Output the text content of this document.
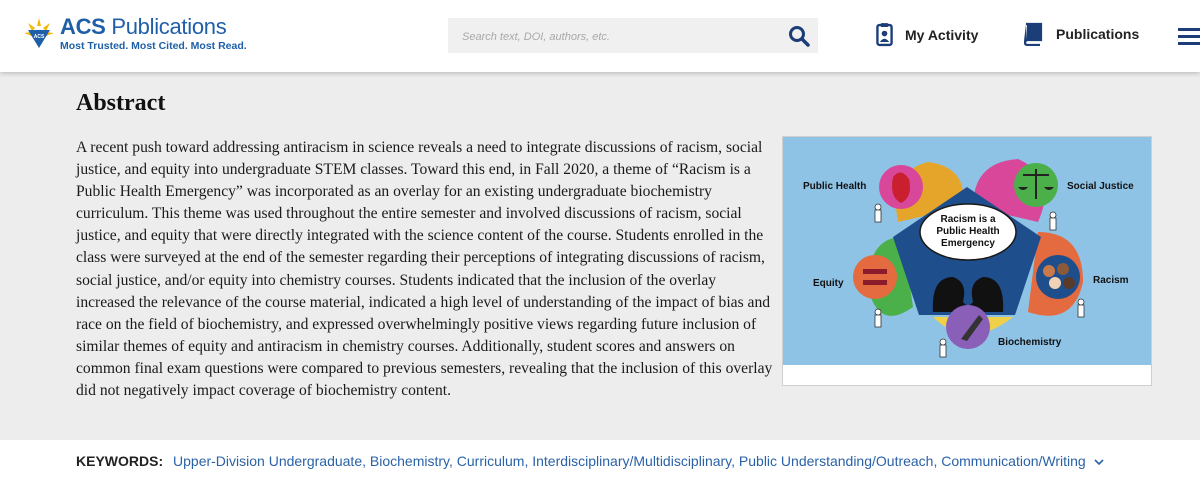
ACS ACS Publications
Most Trusted. Most Cited. Most Read.
Search text, DOI, authors, etc.
My Activity	Publications
Abstract
A recent push toward addressing antiracism in science reveals a need to integrate discussions of racism, social justice, and equity into undergraduate STEM classes. Toward this end, in Fall 2020, a theme of “Racism is a Public Health Emergency” was incorporated as an overlay for an existing undergraduate biochemistry curriculum. This theme was used throughout the entire semester and involved discussions of racism, social justice, and equity that were directly integrated with the science content of the course. Students enrolled in the class were surveyed at the end of the semester regarding their perceptions of integrating discussions of racism, social justice, and/or equity into chemistry courses. Students indicated that the inclusion of the overlay increased the relevance of the course material, indicated a high level of understanding of the impact of bias and race on the field of biochemistry, and expressed overwhelmingly positive views regarding future inclusion of similar themes of equity and antiracism in chemistry courses. Additionally, student scores and answers on common final exam questions were compared to previous semesters, revealing that the inclusion of this overlay did not negatively impact coverage of biochemistry content.
Racism is a
Public Health
Emergency
Public Health	Social Justice
Equity	Racism
Biochemistry
KEYWORDS: Upper-Division Undergraduate, Biochemistry, Curriculum, Interdisciplinary/Multidisciplinary, Public Understanding/Outreach, Communication/Writing
